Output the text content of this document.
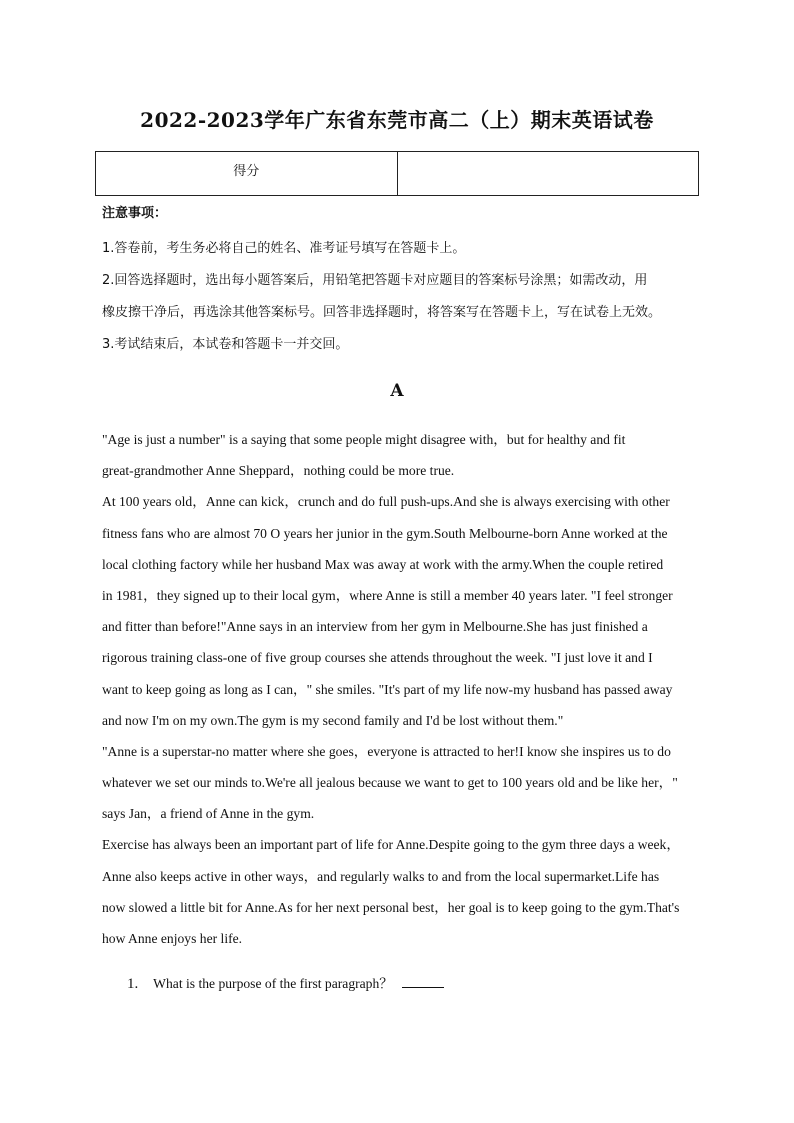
2022-2023学年广东省东莞市高二（上）期末英语试卷
得分	
注意事项：
1.答卷前，考生务必将自己的姓名、准考证号填写在答题卡上。
2.回答选择题时，选出每小题答案后，用铅笔把答题卡对应题目的答案标号涂黑；如需改动，用
橡皮擦干净后，再选涂其他答案标号。回答非选择题时，将答案写在答题卡上，写在试卷上无效。
3.考试结束后，本试卷和答题卡一并交回。
A
"Age is just a number" is a saying that some people might disagree with，but for healthy and fit
great-grandmother Anne Sheppard，nothing could be more true.
At 100 years old，Anne can kick，crunch and do full push-ups.And she is always exercising with other
fitness fans who are almost 70 O years her junior in the gym.South Melbourne-born Anne worked at the
local clothing factory while her husband Max was away at work with the army.When the couple retired
in 1981，they signed up to their local gym，where Anne is still a member 40 years later. "I feel stronger
and fitter than before!"Anne says in an interview from her gym in Melbourne.She has just finished a
rigorous training class-one of five group courses she attends throughout the week. "I just love it and I
want to keep going as long as I can，" she smiles. "It's part of my life now-my husband has passed away
and now I'm on my own.The gym is my second family and I'd be lost without them."
"Anne is a superstar-no matter where she goes，everyone is attracted to her!I know she inspires us to do
whatever we set our minds to.We're all jealous because we want to get to 100 years old and be like her，"
says Jan，a friend of Anne in the gym.
Exercise has always been an important part of life for Anne.Despite going to the gym three days a week，
Anne also keeps active in other ways，and regularly walks to and from the local supermarket.Life has
now slowed a little bit for Anne.As for her next personal best，her goal is to keep going to the gym.That's
how Anne enjoys her life.
1. What is the purpose of the first paragraph？
